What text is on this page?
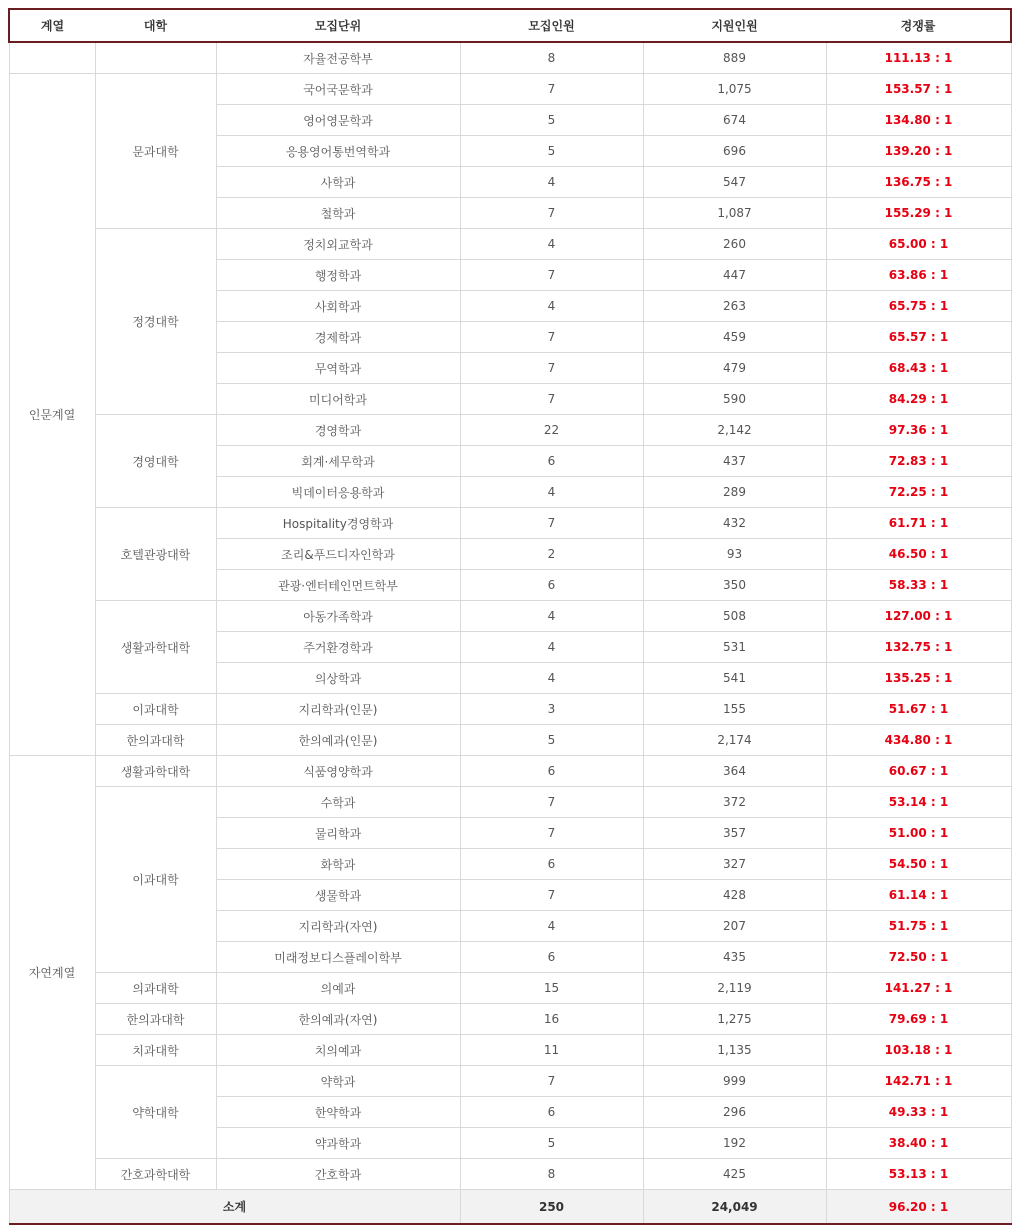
계열	대학	모집단위	모집인원	지원인원	경쟁률
		자율전공학부	8	889	111.13 : 1
인문계열	문과대학	국어국문학과	7	1,075	153.57 : 1
		영어영문학과	5	674	134.80 : 1
		응용영어통번역학과	5	696	139.20 : 1
		사학과	4	547	136.75 : 1
		철학과	7	1,087	155.29 : 1
	정경대학	정치외교학과	4	260	65.00 : 1
		행정학과	7	447	63.86 : 1
		사회학과	4	263	65.75 : 1
		경제학과	7	459	65.57 : 1
		무역학과	7	479	68.43 : 1
		미디어학과	7	590	84.29 : 1
	경영대학	경영학과	22	2,142	97.36 : 1
		회계·세무학과	6	437	72.83 : 1
		빅데이터응용학과	4	289	72.25 : 1
	호텔관광대학	Hospitality경영학과	7	432	61.71 : 1
		조리&푸드디자인학과	2	93	46.50 : 1
		관광·엔터테인먼트학부	6	350	58.33 : 1
	생활과학대학	아동가족학과	4	508	127.00 : 1
		주거환경학과	4	531	132.75 : 1
		의상학과	4	541	135.25 : 1
	이과대학	지리학과(인문)	3	155	51.67 : 1
	한의과대학	한의예과(인문)	5	2,174	434.80 : 1
자연계열	생활과학대학	식품영양학과	6	364	60.67 : 1
	이과대학	수학과	7	372	53.14 : 1
		물리학과	7	357	51.00 : 1
		화학과	6	327	54.50 : 1
		생물학과	7	428	61.14 : 1
		지리학과(자연)	4	207	51.75 : 1
		미래정보디스플레이학부	6	435	72.50 : 1
	의과대학	의예과	15	2,119	141.27 : 1
	한의과대학	한의예과(자연)	16	1,275	79.69 : 1
	치과대학	치의예과	11	1,135	103.18 : 1
	약학대학	약학과	7	999	142.71 : 1
		한약학과	6	296	49.33 : 1
		약과학과	5	192	38.40 : 1
	간호과학대학	간호학과	8	425	53.13 : 1
소계			250	24,049	96.20 : 1
